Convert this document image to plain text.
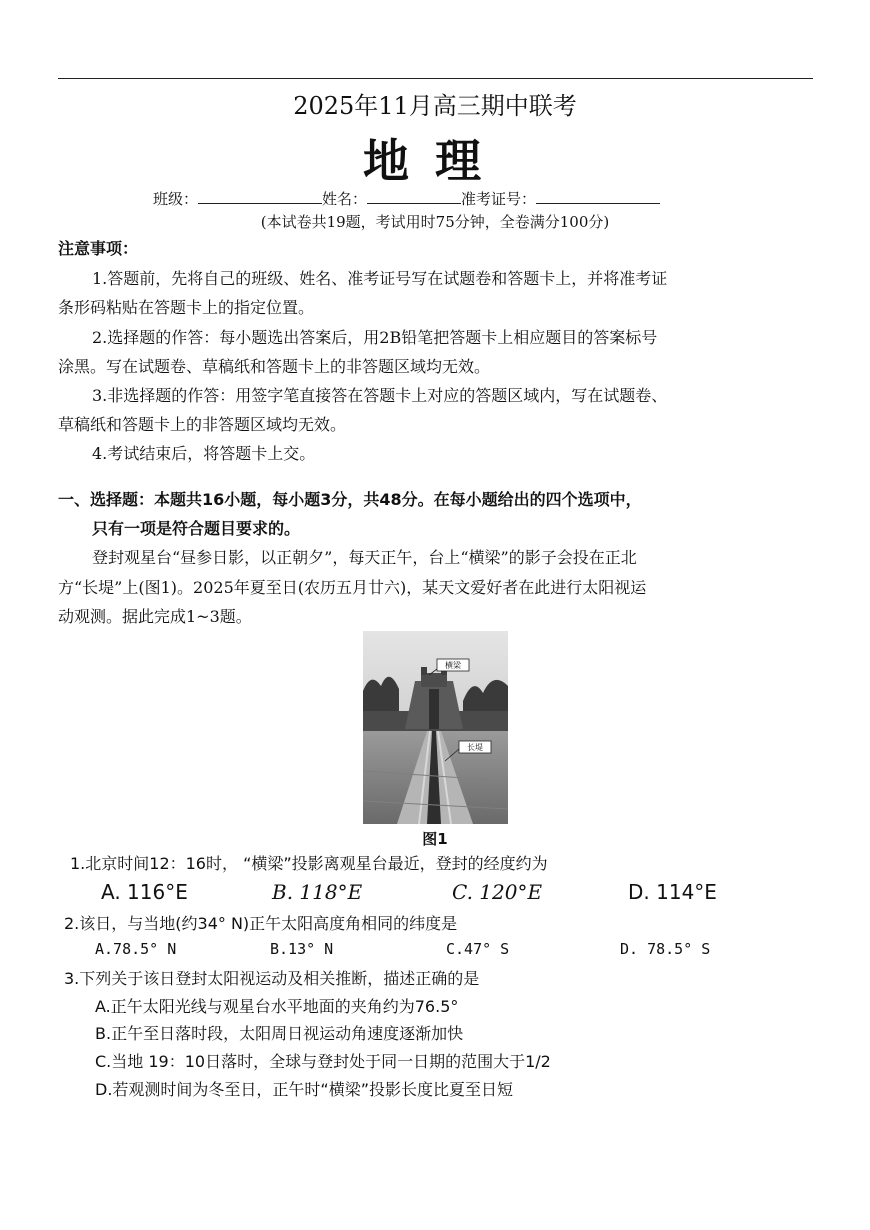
2025年11月高三期中联考
地理
班级：	姓名：	准考证号：
(本试卷共19题，考试用时75分钟，全卷满分100分)
注意事项：
1.答题前，先将自己的班级、姓名、准考证号写在试题卷和答题卡上，并将准考证
条形码粘贴在答题卡上的指定位置。
2.选择题的作答：每小题选出答案后，用2B铅笔把答题卡上相应题目的答案标号
涂黑。写在试题卷、草稿纸和答题卡上的非答题区域均无效。
3.非选择题的作答：用签字笔直接答在答题卡上对应的答题区域内，写在试题卷、
草稿纸和答题卡上的非答题区域均无效。
4.考试结束后，将答题卡上交。
一、选择题：本题共16小题，每小题3分，共48分。在每小题给出的四个选项中，
只有一项是符合题目要求的。
登封观星台“昼参日影，以正朝夕”，每天正午，台上“横梁”的影子会投在正北
方“长堤”上(图1)。2025年夏至日(农历五月廿六)，某天文爱好者在此进行太阳视运
动观测。据此完成1~3题。
横梁
长堤
图1
1.北京时间12：16时， “横梁”投影离观星台最近，登封的经度约为
A. 116°E	B. 118°E	C. 120°E	D. 114°E
2.该日，与当地(约34° N)正午太阳高度角相同的纬度是
A.78.5° N	B.13° N	C.47° S	D. 78.5° S
3.下列关于该日登封太阳视运动及相关推断，描述正确的是
A.正午太阳光线与观星台水平地面的夹角约为76.5°
B.正午至日落时段，太阳周日视运动角速度逐渐加快
C.当地 19：10日落时，全球与登封处于同一日期的范围大于1/2
D.若观测时间为冬至日，正午时“横梁”投影长度比夏至日短
